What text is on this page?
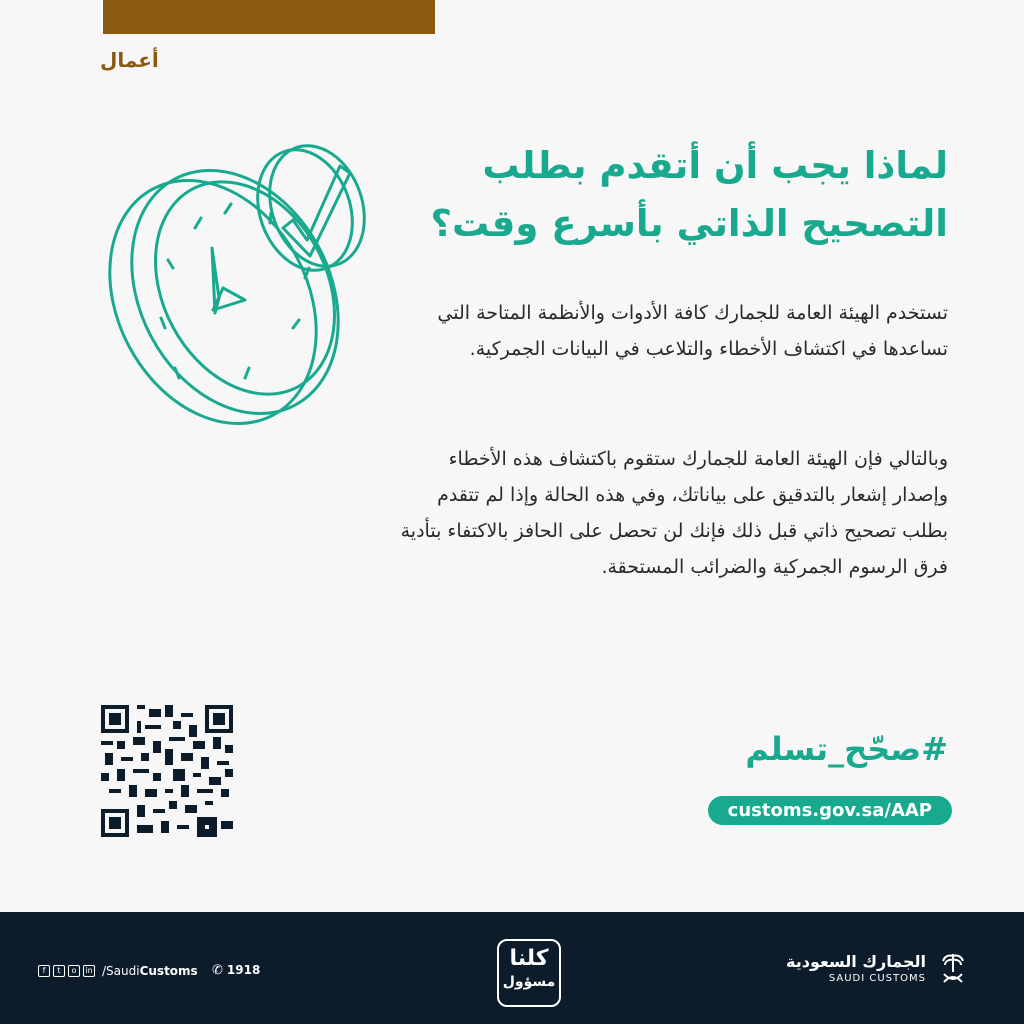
أعمال
لماذا يجب أن أتقدم بطلب التصحيح الذاتي بأسرع وقت؟
تستخدم الهيئة العامة للجمارك كافة الأدوات والأنظمة المتاحة التي تساعدها في اكتشاف الأخطاء والتلاعب في البيانات الجمركية.
وبالتالي فإن الهيئة العامة للجمارك ستقوم باكتشاف هذه الأخطاء وإصدار إشعار بالتدقيق على بياناتك، وفي هذه الحالة وإذا لم تتقدم بطلب تصحيح ذاتي قبل ذلك فإنك لن تحصل على الحافز بالاكتفاء بتأدية فرق الرسوم الجمركية والضرائب المستحقة.
#صحّح_تسلم
customs.gov.sa/AAP
f	t	o	in /SaudiCustoms ✆ 1918	كلنا
مسؤول
الجمارك السعودية
SAUDI CUSTOMS
